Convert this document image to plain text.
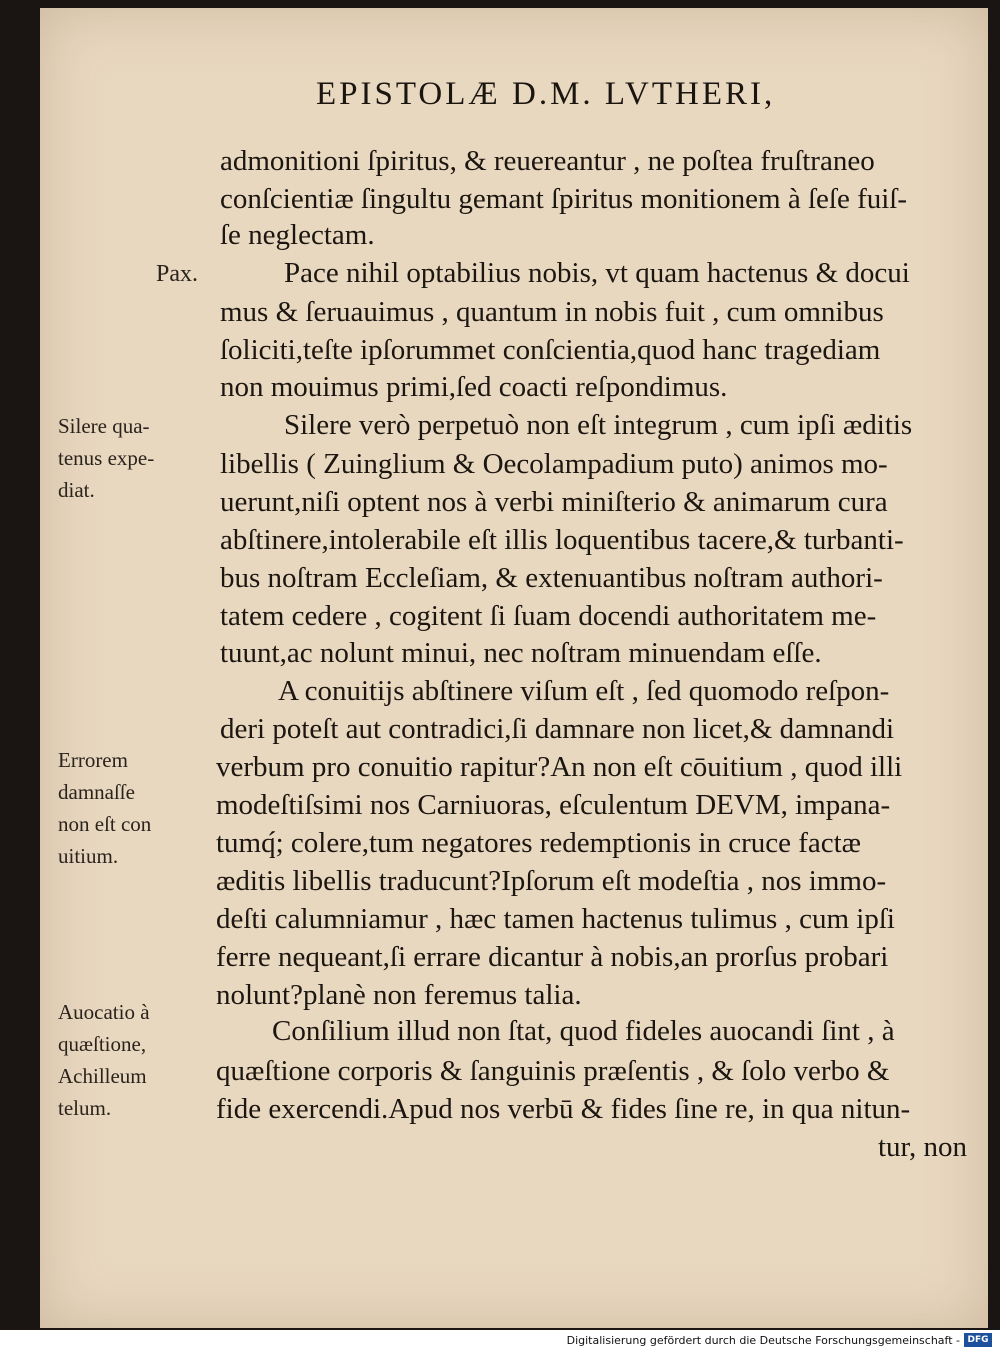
EPISTOLÆ D.M. LVTHERI,
admonitioni ſpiritus, & reuereantur , ne poſtea fruſtraneo
conſcientiæ ſingultu gemant ſpiritus monitionem à ſeſe fuiſ-
ſe neglectam.
Pace nihil optabilius nobis, vt quam hactenus & docui
mus & ſeruauimus , quantum in nobis fuit , cum omnibus
ſoliciti,teſte ipſorummet conſcientia,quod hanc tragediam
non mouimus primi,ſed coacti reſpondimus.
Silere verò perpetuò non eſt integrum , cum ipſi æditis
libellis ( Zuinglium & Oecolampadium puto) animos mo-
uerunt,niſi optent nos à verbi miniſterio & animarum cura
abſtinere,intolerabile eſt illis loquentibus tacere,& turbanti-
bus noſtram Eccleſiam, & extenuantibus noſtram authori-
tatem cedere , cogitent ſi ſuam docendi authoritatem me-
tuunt,ac nolunt minui, nec noſtram minuendam eſſe.
A conuitijs abſtinere viſum eſt , ſed quomodo reſpon-
deri poteſt aut contradici,ſi damnare non licet,& damnandi
verbum pro conuitio rapitur?An non eſt cōuitium , quod illi
modeſtiſsimi nos Carniuoras, eſculentum DEVM, impana-
tumq́; colere,tum negatores redemptionis in cruce factæ
æditis libellis traducunt?Ipſorum eſt modeſtia , nos immo-
deſti calumniamur , hæc tamen hactenus tulimus , cum ipſi
ferre nequeant,ſi errare dicantur à nobis,an prorſus probari
nolunt?planè non feremus talia.
Conſilium illud non ſtat, quod fideles auocandi ſint , à
quæſtione corporis & ſanguinis præſentis , & ſolo verbo &
fide exercendi.Apud nos verbū & fides ſine re, in qua nitun-
tur, non
Pax.
Silere qua-
tenus expe-
diat.
Errorem
damnaſſe
non eſt con
uitium.
Auocatio à
quæſtione,
Achilleum
telum.
Digitalisierung gefördert durch die Deutsche Forschungsgemeinschaft - DFG
